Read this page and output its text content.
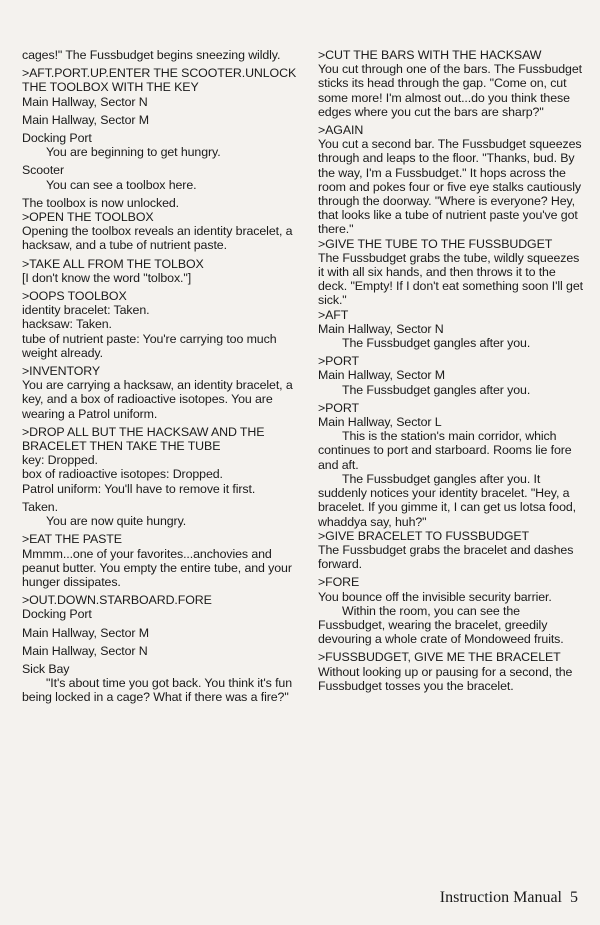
cages!" The Fussbudget begins sneezing wildly.
>AFT.PORT.UP.ENTER THE SCOOTER.UNLOCK THE TOOLBOX WITH THE KEY
Main Hallway, Sector N
Main Hallway, Sector M
Docking Port
You are beginning to get hungry.
Scooter
You can see a toolbox here.
The toolbox is now unlocked.
>OPEN THE TOOLBOX
Opening the toolbox reveals an identity bracelet, a hacksaw, and a tube of nutrient paste.
>TAKE ALL FROM THE TOLBOX
[I don't know the word "tolbox."]
>OOPS TOOLBOX
identity bracelet: Taken.
hacksaw: Taken.
tube of nutrient paste: You're carrying too much weight already.
>INVENTORY
You are carrying a hacksaw, an identity bracelet, a key, and a box of radioactive isotopes. You are wearing a Patrol uniform.
>DROP ALL BUT THE HACKSAW AND THE BRACELET THEN TAKE THE TUBE
key: Dropped.
box of radioactive isotopes: Dropped.
Patrol uniform: You'll have to remove it first.
Taken.
You are now quite hungry.
>EAT THE PASTE
Mmmm...one of your favorites...anchovies and peanut butter. You empty the entire tube, and your hunger dissipates.
>OUT.DOWN.STARBOARD.FORE
Docking Port
Main Hallway, Sector M
Main Hallway, Sector N
Sick Bay
"It's about time you got back. You think it's fun being locked in a cage? What if there was a fire?"
>CUT THE BARS WITH THE HACKSAW
You cut through one of the bars. The Fussbudget sticks its head through the gap. "Come on, cut some more! I'm almost out...do you think these edges where you cut the bars are sharp?"
>AGAIN
You cut a second bar. The Fussbudget squeezes through and leaps to the floor. "Thanks, bud. By the way, I'm a Fussbudget." It hops across the room and pokes four or five eye stalks cautiously through the doorway. "Where is everyone? Hey, that looks like a tube of nutrient paste you've got there."
>GIVE THE TUBE TO THE FUSSBUDGET
The Fussbudget grabs the tube, wildly squeezes it with all six hands, and then throws it to the deck. "Empty! If I don't eat something soon I'll get sick."
>AFT
Main Hallway, Sector N
The Fussbudget gangles after you.
>PORT
Main Hallway, Sector M
The Fussbudget gangles after you.
>PORT
Main Hallway, Sector L
This is the station's main corridor, which continues to port and starboard. Rooms lie fore and aft.
The Fussbudget gangles after you. It suddenly notices your identity bracelet. "Hey, a bracelet. If you gimme it, I can get us lotsa food, whaddya say, huh?"
>GIVE BRACELET TO FUSSBUDGET
The Fussbudget grabs the bracelet and dashes forward.
>FORE
You bounce off the invisible security barrier.
Within the room, you can see the Fussbudget, wearing the bracelet, greedily devouring a whole crate of Mondoweed fruits.
>FUSSBUDGET, GIVE ME THE BRACELET
Without looking up or pausing for a second, the Fussbudget tosses you the bracelet.
Instruction Manual 5
